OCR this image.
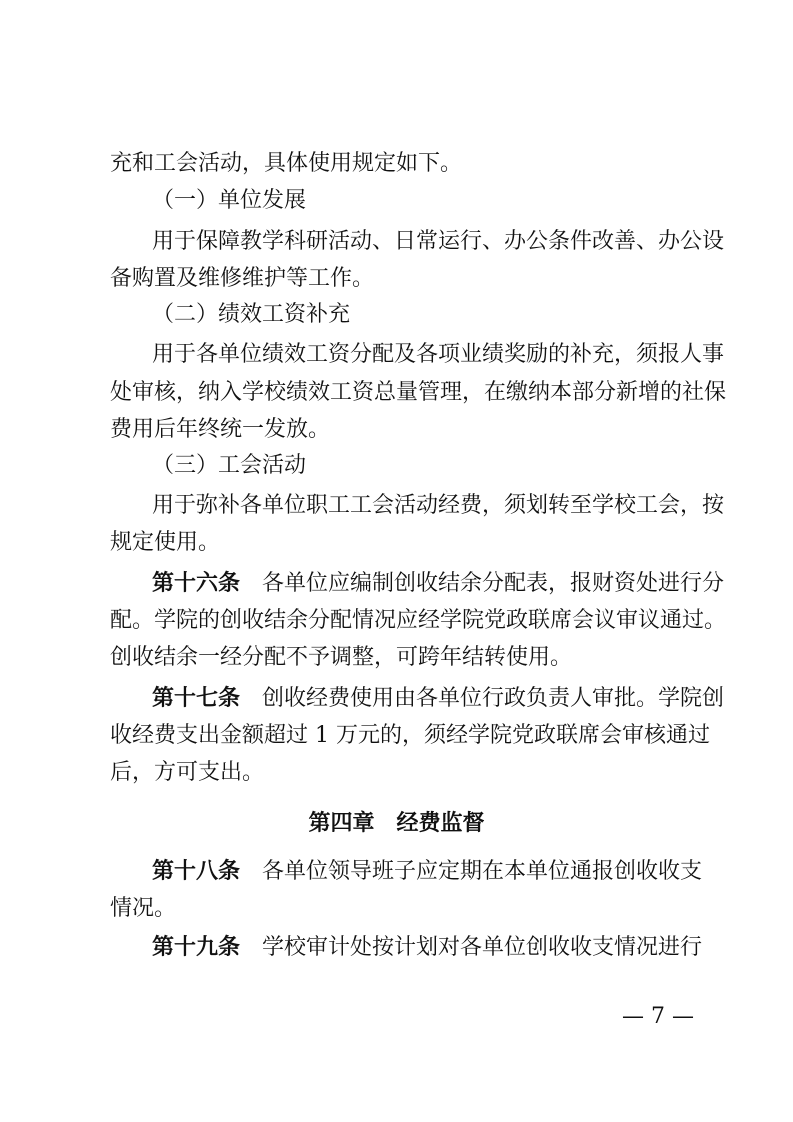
充和工会活动，具体使用规定如下。
（一）单位发展
用于保障教学科研活动、日常运行、办公条件改善、办公设
备购置及维修维护等工作。
（二）绩效工资补充
用于各单位绩效工资分配及各项业绩奖励的补充，须报人事
处审核，纳入学校绩效工资总量管理，在缴纳本部分新增的社保
费用后年终统一发放。
（三）工会活动
用于弥补各单位职工工会活动经费，须划转至学校工会，按
规定使用。
第十六条 各单位应编制创收结余分配表，报财资处进行分
配。学院的创收结余分配情况应经学院党政联席会议审议通过。
创收结余一经分配不予调整，可跨年结转使用。
第十七条 创收经费使用由各单位行政负责人审批。学院创
收经费支出金额超过 1 万元的，须经学院党政联席会审核通过
后，方可支出。
第四章　经费监督
第十八条 各单位领导班子应定期在本单位通报创收收支
情况。
第十九条 学校审计处按计划对各单位创收收支情况进行
— 7 —
